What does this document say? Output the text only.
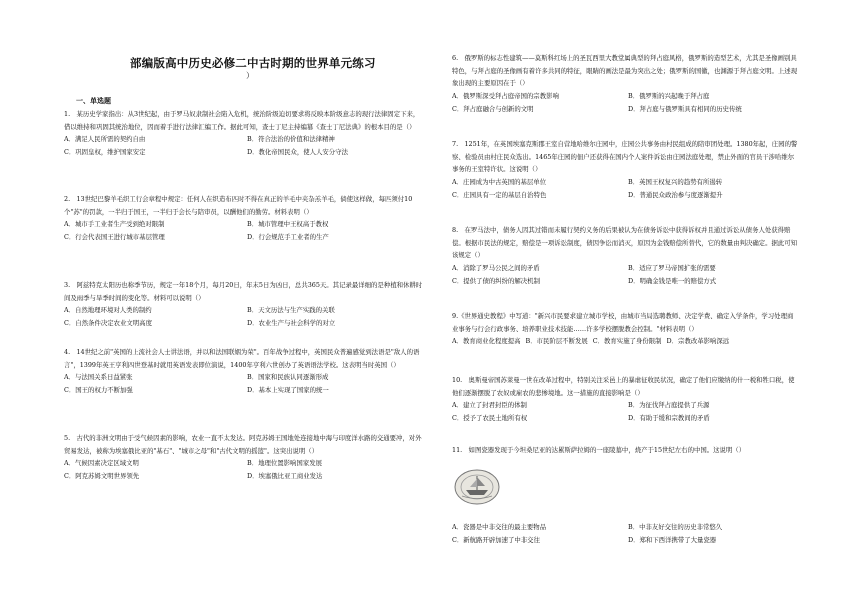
部编版高中历史必修二中古时期的世界单元练习
）
一、单选题

1.　某历史学家指出：从3世纪起，由于罗马奴隶制社会陷入危机，统治阶级迫切要求将反映本阶级意志的现行法律固定下来，借以维持和巩固其统治地位，因而着手进行法律汇编工作。据此可知，查士丁尼主持编纂《查士丁尼法典》的根本目的是（）

A．满足人民所需的契约自由	B．符合法治的价值和法律精神
C．巩固皇权，维护国家安定	D．教化帝国民众，使人人安分守法

2.　13世纪巴黎羊毛织工行会章程中规定：任何人在织造布匹时不得在真正的羊毛中夹杂羔羊毛，倘使这样做，每匹须付10个"苏"的罚款，一半归于国王，一半归于会长与陪审员，以酬他们的勤劳。材料表明（）

A．城市手工业者生产受到绝对限制	B．城市管理中王权高于教权
C．行会代表国王进行城市基层管理	D．行会规范手工业者的生产

3.　阿兹特克太阳历也称季节历，规定一年18个月，每月20日，年末5日为凶日，总共365天。其记录最详细的是种植和休耕时间及雨季与旱季时间的变化等。材料可以说明（）

A．自然地理环境对人类的制约	B．天文历法与生产实践的关联
C．自然条件决定农业文明高度	D．农业生产与社会科学的对立

4.　14世纪之前"英国的上流社会人士讲法语，并以和法国联姻为荣"。百年战争过程中，英国民众普遍感觉到法语是"敌人的语言"，1399年英王亨利四世登基时就用英语发表即位演说，1400年亨利六世创办了英语语法学校。这表明当时英国（）

A．与法国关系日益紧张	B．国家和民族认同逐渐形成
C．国王的权力不断加强	D．基本上实现了国家的统一

5.　古代的非洲文明由于受气候因素的影响，农业一直不太发达。阿克苏姆王国地处连接地中海与印度洋水路的交通要冲，对外贸易发达，被称为埃塞俄比亚的"基石"、"城市之母"和"古代文明的摇篮"。这突出说明（）

A．气候因素决定区域文明	B．地理位置影响国家发展
C．阿克苏姆文明世界领先	D．埃塞俄比亚工商业发达

6.　俄罗斯的标志性建筑——莫斯科红场上的圣瓦西里大教堂属典型的拜占庭风格，俄罗斯的造型艺术，尤其是圣像画别具特色，与拜占庭的圣像画有着许多共同的特征，眼睛的画法是最为突出之处；俄罗斯的国徽，也渊源于拜占庭文明。上述现象出现的主要原因在于（）

A．俄罗斯深受拜占庭帝国的宗教影响	B．俄罗斯的兴起晚于拜占庭
C．拜占庭融合与创新的文明	D．拜占庭与俄罗斯具有相同的历史传统

7.　1251年，在英国埃塞克斯郡王室自营地哈维尔庄园中，庄园公共事务由村民组成的陪审团处理。1380年起，庄园的警察、检验员由村庄民众选出。1465年庄园的佃户还获得在国内个人案件诉讼由庄园法庭处理，禁止外面的官员干涉哈维尔事务的王室特许状。这说明（）

A．庄园成为中古英国的基层单位	B．英国王权复兴的趋势有所遏转
C．庄园具有一定的基层自治特色	D．普通民众政治参与度逐渐提升

8.　在罗马法中，债务人因其过错而未履行契约义务的后果被认为在债务诉讼中获得诉权并且通过诉讼从债务人处获得赔偿。根据市民法的规定，赔偿是一项诉讼制度，债因争讼而消灭，原因为金钱赔偿所替代，它的数量由判决确定。据此可知该规定（）

A．消除了罗马公民之间的矛盾	B．适应了罗马帝国扩张的需要
C．提供了债的纠纷的解决机制	D．明确金钱是唯一的赔偿方式

9.《世界通史教程》中写道："新兴市民要求建立城市学校，由城市当局选聘教师、决定学费、确定入学条件，学习处理商业事务与行会行政事务、培养职业技术技能……许多学校摆脱教会控制。"材料表明（）

A．教育商业化程度提高 B．市民阶层不断发展 C．教育实施了身份限制 D．宗教改革影响深远

10.　奥斯曼帝国苏莱曼一世在改革过程中，特别关注采邑上的暴虐征收民状况，确定了他们应缴纳的什一税和牲口税，使他们逐渐摆脱了农奴或雇农的悲惨境地。这一措施的直接影响是（）

A．建立了封君封臣的体制	B．为征伐拜占庭提供了兵源
C．授予了农民土地所有权	D．有助于缓和宗教间的矛盾

11.　如图瓷器发现于今坦桑尼亚的达累斯萨拉姆的一座陵墓中，烧产于15世纪左右的中国。这说明（）

A．瓷器是中非交往的最主要物品	B．中非友好交往的历史非常悠久
C．新航路开辟加速了中非交往	D．郑和下西洋携带了大量瓷器
